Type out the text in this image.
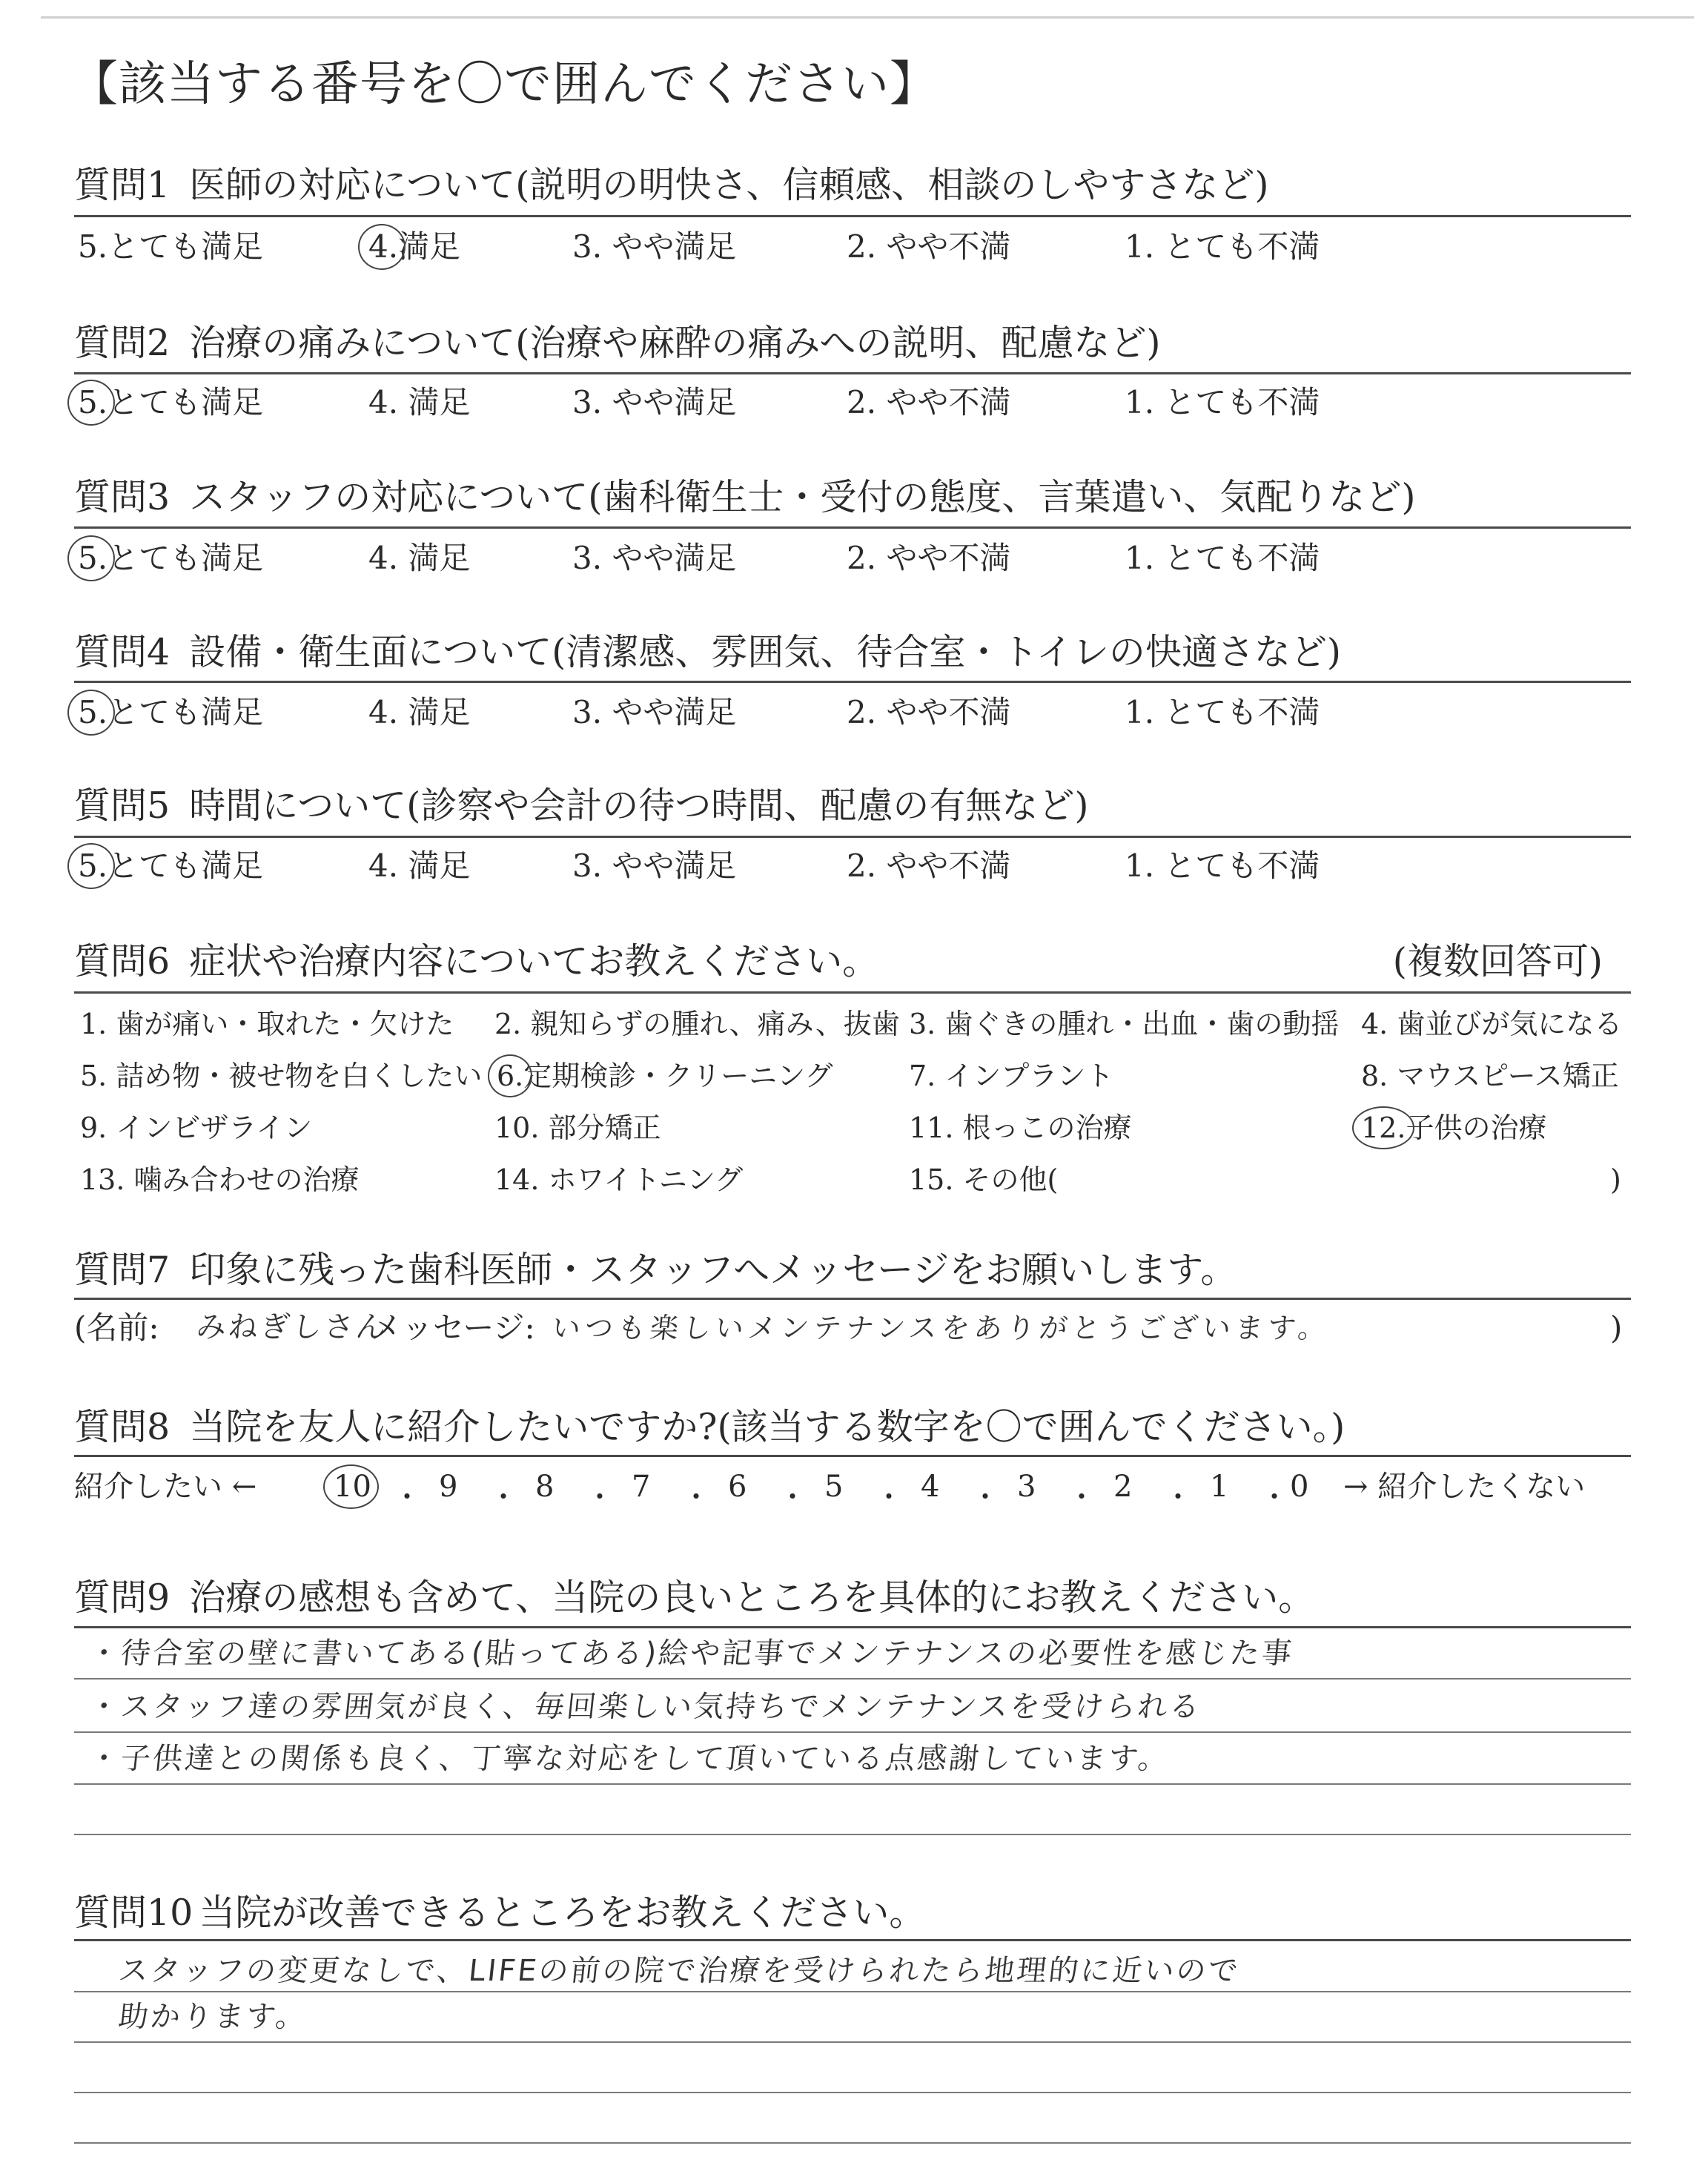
【該当する番号を〇で囲んでください】
質問1 医師の対応について(説明の明快さ、信頼感、相談のしやすさなど)
5.とても満足	4.満足	3. やや満足	2. やや不満	1. とても不満
質問2 治療の痛みについて(治療や麻酔の痛みへの説明、配慮など)
5.とても満足	4. 満足	3. やや満足	2. やや不満	1. とても不満
質問3 スタッフの対応について(歯科衛生士・受付の態度、言葉遣い、気配りなど)
5.とても満足	4. 満足	3. やや満足	2. やや不満	1. とても不満
質問4 設備・衛生面について(清潔感、雰囲気、待合室・トイレの快適さなど)
5.とても満足	4. 満足	3. やや満足	2. やや不満	1. とても不満
質問5 時間について(診察や会計の待つ時間、配慮の有無など)
5.とても満足	4. 満足	3. やや満足	2. やや不満	1. とても不満
質問6 症状や治療内容についてお教えください。	(複数回答可)
1. 歯が痛い・取れた・欠けた 2. 親知らずの腫れ、痛み、抜歯 3. 歯ぐきの腫れ・出血・歯の動揺 4. 歯並びが気になる
5. 詰め物・被せ物を白くしたい 6.定期検診・クリーニング	7. インプラント	8. マウスピース矯正
9. インビザライン	10. 部分矯正	11. 根っこの治療	12.子供の治療
13. 噛み合わせの治療	14. ホワイトニング	15. その他(	)
質問7 印象に残った歯科医師・スタッフへメッセージをお願いします。
(名前: みねぎしさん
メッセージ: いつも楽しいメンテナンスをありがとうございます。	)
質問8 当院を友人に紹介したいですか?(該当する数字を〇で囲んでください。)
紹介したい ←	10 ・ 9 ・ 8 ・ 7 ・ 6 ・ 5 ・ 4 ・ 3 ・ 2 ・ 1 ・ 0 → 紹介したくない
質問9 治療の感想も含めて、当院の良いところを具体的にお教えください。
・待合室の壁に書いてある(貼ってある)絵や記事でメンテナンスの必要性を感じた事
・スタッフ達の雰囲気が良く、毎回楽しい気持ちでメンテナンスを受けられる
・子供達との関係も良く、丁寧な対応をして頂いている点感謝しています。
質問10 当院が改善できるところをお教えください。
スタッフの変更なしで、LIFEの前の院で治療を受けられたら地理的に近いので
助かります。
